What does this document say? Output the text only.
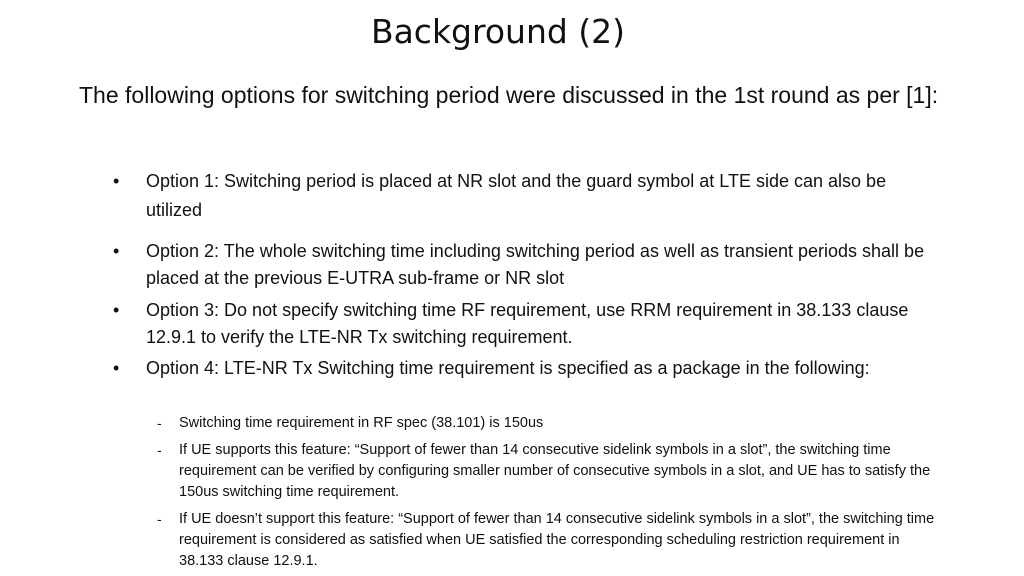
Background (2)
The following options for switching period were discussed in the 1st round as per [1]:
• Option 1: Switching period is placed at NR slot and the guard symbol at LTE side can also be utilized
• Option 2: The whole switching time including switching period as well as transient periods shall be placed at the previous E-UTRA sub-frame or NR slot
• Option 3: Do not specify switching time RF requirement, use RRM requirement in 38.133 clause 12.9.1 to verify the LTE-NR Tx switching requirement.
• Option 4: LTE-NR Tx Switching time requirement is specified as a package in the following:
- Switching time requirement in RF spec (38.101) is 150us
- If UE supports this feature: “Support of fewer than 14 consecutive sidelink symbols in a slot”, the switching time requirement can be verified by configuring smaller number of consecutive symbols in a slot, and UE has to satisfy the 150us switching time requirement.
- If UE doesn’t support this feature: “Support of fewer than 14 consecutive sidelink symbols in a slot”, the switching time requirement is considered as satisfied when UE satisfied the corresponding scheduling restriction requirement in 38.133 clause 12.9.1.
